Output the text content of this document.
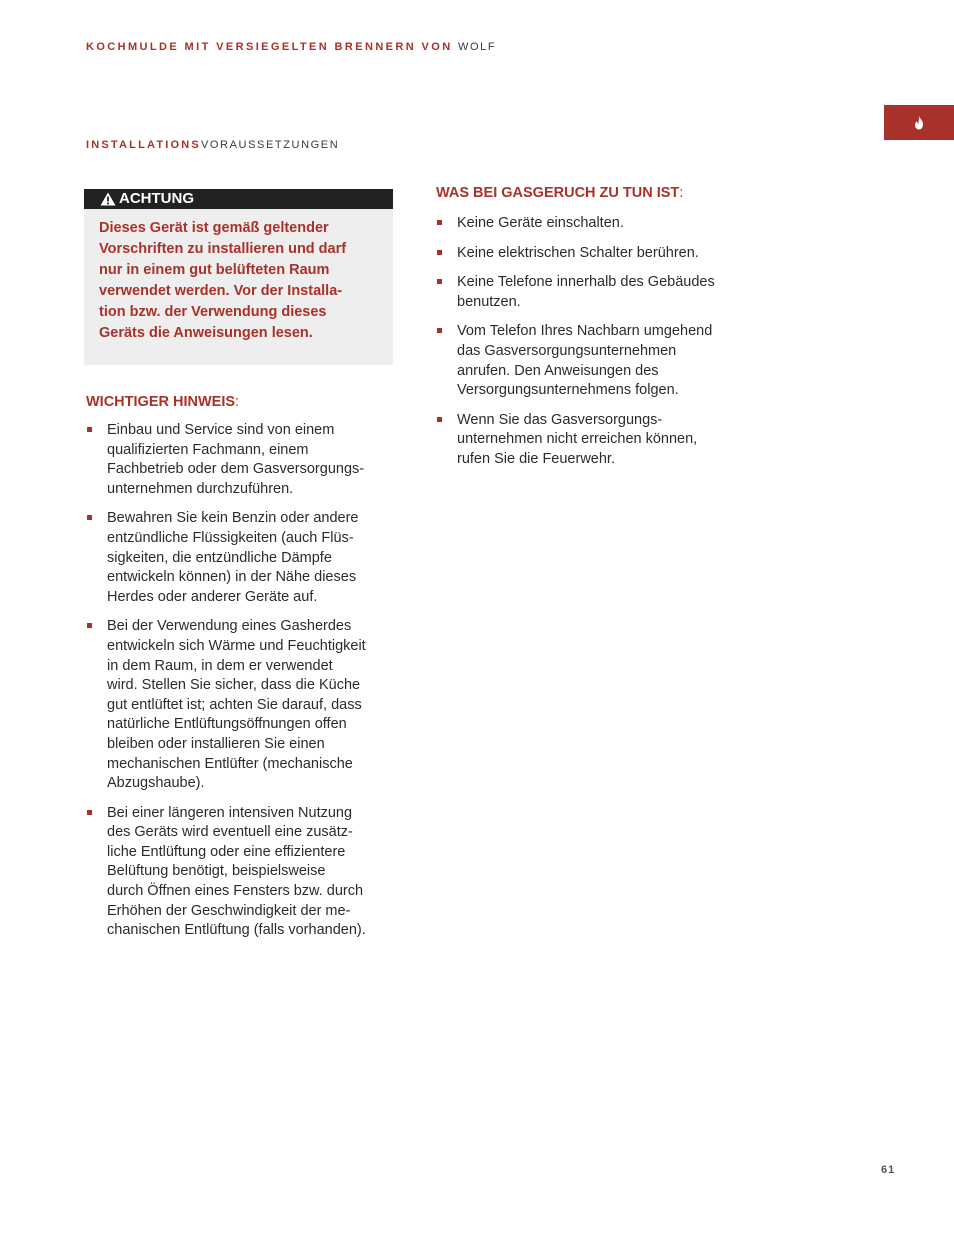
KOCHMULDE MIT VERSIEGELTEN BRENNERN VON WOLF
INSTALLATIONSVORAUSSETZUNGEN
ACHTUNG
Dieses Gerät ist gemäß geltender
Vorschriften zu installieren und darf
nur in einem gut belüfteten Raum
verwendet werden. Vor der Installa-
tion bzw. der Verwendung dieses
Geräts die Anweisungen lesen.
WICHTIGER HINWEIS:
Einbau und Service sind von einem
qualifizierten Fachmann, einem
Fachbetrieb oder dem Gasversorgungs-
unternehmen durchzuführen.
Bewahren Sie kein Benzin oder andere
entzündliche Flüssigkeiten (auch Flüs-
sigkeiten, die entzündliche Dämpfe
entwickeln können) in der Nähe dieses
Herdes oder anderer Geräte auf.
Bei der Verwendung eines Gasherdes
entwickeln sich Wärme und Feuchtigkeit
in dem Raum, in dem er verwendet
wird. Stellen Sie sicher, dass die Küche
gut entlüftet ist; achten Sie darauf, dass
natürliche Entlüftungsöffnungen offen
bleiben oder installieren Sie einen
mechanischen Entlüfter (mechanische
Abzugshaube).
Bei einer längeren intensiven Nutzung
des Geräts wird eventuell eine zusätz-
liche Entlüftung oder eine effizientere
Belüftung benötigt, beispielsweise
durch Öffnen eines Fensters bzw. durch
Erhöhen der Geschwindigkeit der me-
chanischen Entlüftung (falls vorhanden).
WAS BEI GASGERUCH ZU TUN IST:
Keine Geräte einschalten.
Keine elektrischen Schalter berühren.
Keine Telefone innerhalb des Gebäudes
benutzen.
Vom Telefon Ihres Nachbarn umgehend
das Gasversorgungsunternehmen
anrufen. Den Anweisungen des
Versorgungsunternehmens folgen.
Wenn Sie das Gasversorgungs-
unternehmen nicht erreichen können,
rufen Sie die Feuerwehr.
61
